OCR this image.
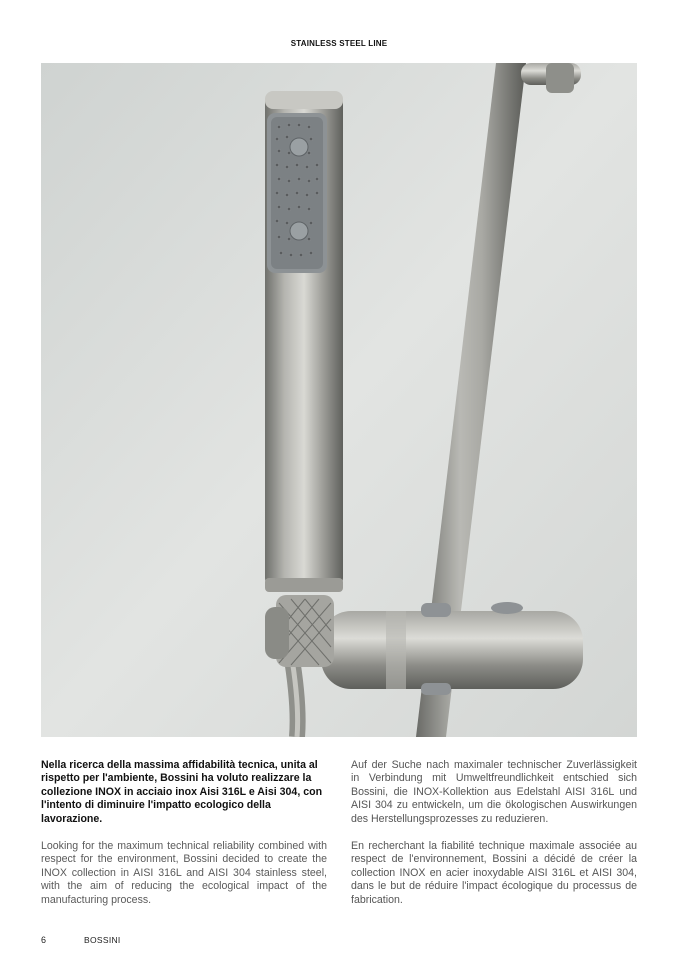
STAINLESS STEEL LINE

Nella ricerca della massima affidabilità tecnica, unita al rispetto per l'ambiente, Bossini ha voluto realizzare la collezione INOX in acciaio inox Aisi 316L e Aisi 304, con l'intento di diminuire l'impatto ecologico della lavorazione.

Looking for the maximum technical reliability combined with respect for the environment, Bossini decided to create the INOX collection in AISI 316L and AISI 304 stainless steel, with the aim of reducing the ecological impact of the manufacturing process.

Auf der Suche nach maximaler technischer Zuverlässigkeit in Verbindung mit Umweltfreundlichkeit entschied sich Bossini, die INOX-Kollektion aus Edelstahl AISI 316L und AISI 304 zu entwickeln, um die ökologischen Auswirkungen des Herstellungsprozesses zu reduzieren.

En recherchant la fiabilité technique maximale associée au respect de l'environnement, Bossini a décidé de créer la collection INOX en acier inoxydable AISI 316L et AISI 304, dans le but de réduire l'impact écologique du processus de fabrication.

6	BOSSINI
